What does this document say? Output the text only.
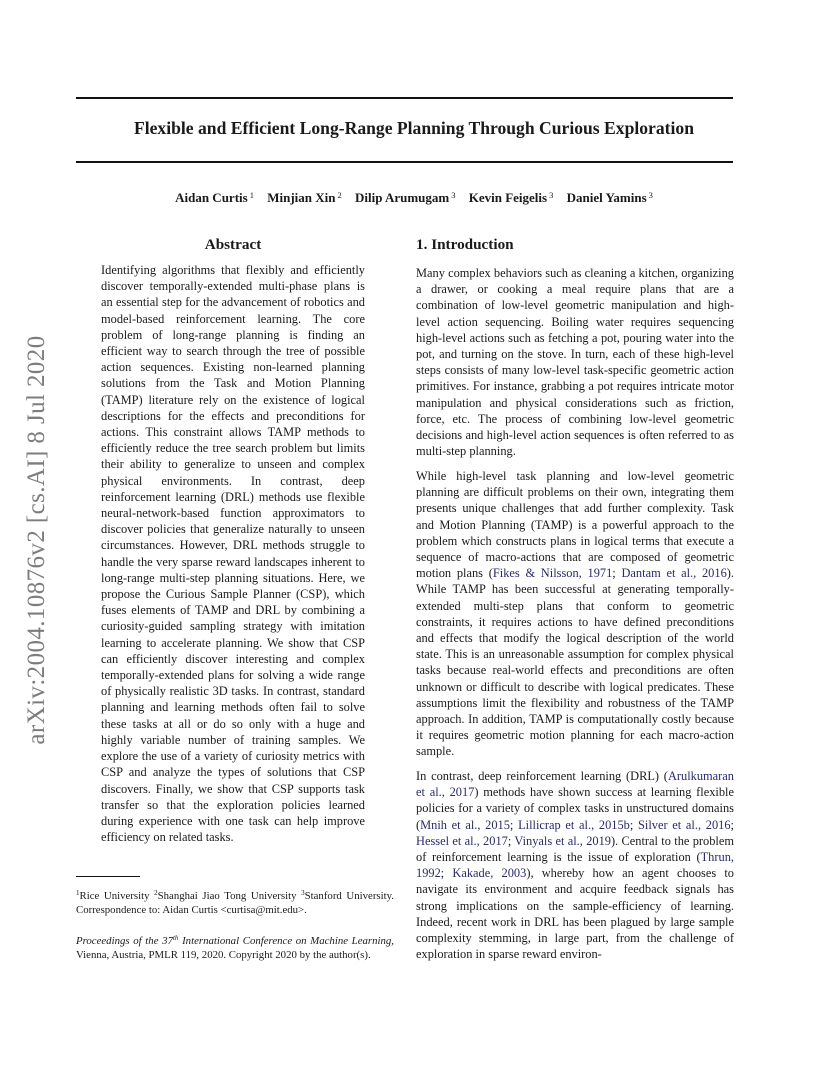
Flexible and Efficient Long-Range Planning Through Curious Exploration
Aidan Curtis $^1$ Minjian Xin $^2$ Dilip Arumugam $^3$ Kevin Feigelis $^3$ Daniel Yamins $^3$
arXiv:2004.10876v2 [cs.AI] 8 Jul 2020
Abstract

Identifying algorithms that flexibly and efficiently discover temporally-extended multi-phase plans is an essential step for the advancement of robotics and model-based reinforcement learning. The core problem of long-range planning is finding an efficient way to search through the tree of possible action sequences. Existing non-learned planning solutions from the Task and Motion Planning (TAMP) literature rely on the existence of logical descriptions for the effects and preconditions for actions. This constraint allows TAMP methods to efficiently reduce the tree search problem but limits their ability to generalize to unseen and complex physical environments. In contrast, deep reinforcement learning (DRL) methods use flexible neural-network-based function approximators to discover policies that generalize naturally to unseen circumstances. However, DRL methods struggle to handle the very sparse reward landscapes inherent to long-range multi-step planning situations. Here, we propose the Curious Sample Planner (CSP), which fuses elements of TAMP and DRL by combining a curiosity-guided sampling strategy with imitation learning to accelerate planning. We show that CSP can efficiently discover interesting and complex temporally-extended plans for solving a wide range of physically realistic 3D tasks. In contrast, standard planning and learning methods often fail to solve these tasks at all or do so only with a huge and highly variable number of training samples. We explore the use of a variety of curiosity metrics with CSP and analyze the types of solutions that CSP discovers. Finally, we show that CSP supports task transfer so that the exploration policies learned during experience with one task can help improve efficiency on related tasks.

1. Introduction

Many complex behaviors such as cleaning a kitchen, organizing a drawer, or cooking a meal require plans that are a combination of low-level geometric manipulation and high-level action sequencing. Boiling water requires sequencing high-level actions such as fetching a pot, pouring water into the pot, and turning on the stove. In turn, each of these high-level steps consists of many low-level task-specific geometric action primitives. For instance, grabbing a pot requires intricate motor manipulation and physical considerations such as friction, force, etc. The process of combining low-level geometric decisions and high-level action sequences is often referred to as multi-step planning.

While high-level task planning and low-level geometric planning are difficult problems on their own, integrating them presents unique challenges that add further complexity. Task and Motion Planning (TAMP) is a powerful approach to the problem which constructs plans in logical terms that execute a sequence of macro-actions that are composed of geometric motion plans (Fikes & Nilsson, 1971; Dantam et al., 2016). While TAMP has been successful at generating temporally-extended multi-step plans that conform to geometric constraints, it requires actions to have defined preconditions and effects that modify the logical description of the world state. This is an unreasonable assumption for complex physical tasks because real-world effects and preconditions are often unknown or difficult to describe with logical predicates. These assumptions limit the flexibility and robustness of the TAMP approach. In addition, TAMP is computationally costly because it requires geometric motion planning for each macro-action sample.

In contrast, deep reinforcement learning (DRL) (Arulkumaran et al., 2017) methods have shown success at learning flexible policies for a variety of complex tasks in unstructured domains (Mnih et al., 2015; Lillicrap et al., 2015b; Silver et al., 2016; Hessel et al., 2017; Vinyals et al., 2019). Central to the problem of reinforcement learning is the issue of exploration (Thrun, 1992; Kakade, 2003), whereby how an agent chooses to navigate its environment and acquire feedback signals has strong implications on the sample-efficiency of learning. Indeed, recent work in DRL has been plagued by large sample complexity stemming, in large part, from the challenge of exploration in sparse reward environ-

$^1$Rice University $^2$Shanghai Jiao Tong University $^3$Stanford University. Correspondence to: Aidan Curtis <curtisa@mit.edu>.

Proceedings of the 37th International Conference on Machine Learning, Vienna, Austria, PMLR 119, 2020. Copyright 2020 by the author(s).
